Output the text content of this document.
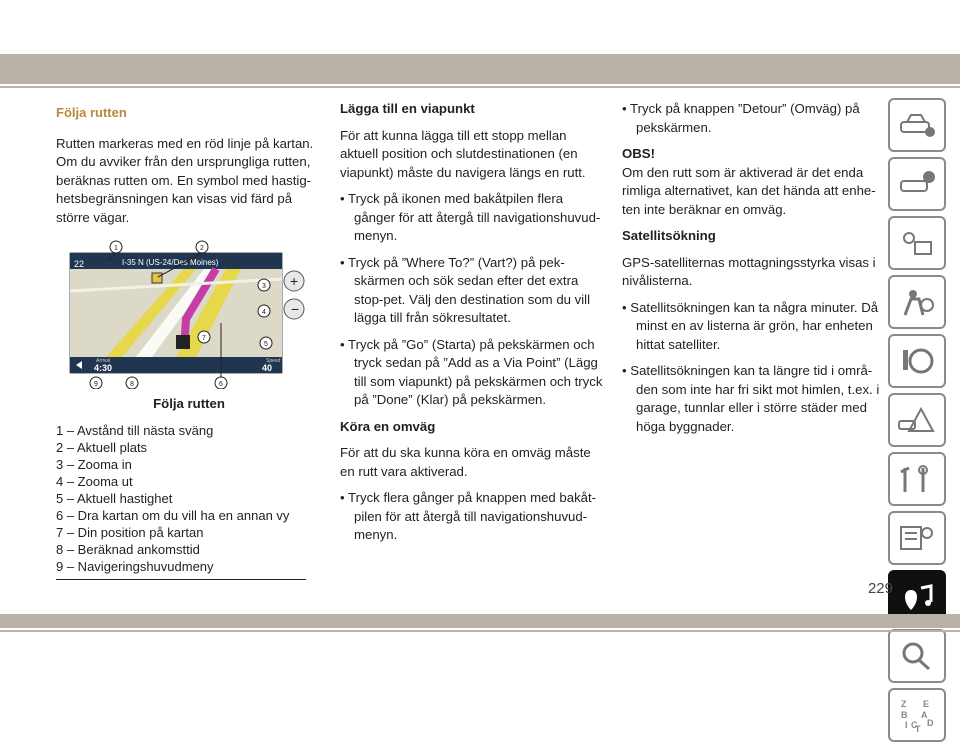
Följa rutten

Rutten markeras med en röd linje på kartan. Om du avviker från den ursprungliga rutten, beräknas rutten om. En symbol med hastig-hetsbegränsningen kan visas vid färd på större vägar.

+
−
22	I-35 N (US-24/Des Moines)
Arrival
4:30
Speed
40
1	2
3
4
5
6
7
8
9
Följa rutten
1 – Avstånd till nästa sväng
2 – Aktuell plats
3 – Zooma in
4 – Zooma ut
5 – Aktuell hastighet
6 – Dra kartan om du vill ha en annan vy
7 – Din position på kartan
8 – Beräknad ankomsttid
9 – Navigeringshuvudmeny
Lägga till en viapunkt

För att kunna lägga till ett stopp mellan aktuell position och slutdestinationen (en viapunkt) måste du navigera längs en rutt.

• Tryck på ikonen med bakåtpilen flera gånger för att återgå till navigationshuvud-menyn.

• Tryck på ”Where To?” (Vart?) på pek-skärmen och sök sedan efter det extra stop-pet. Välj den destination som du vill lägga till från sökresultatet.

• Tryck på ”Go” (Starta) på pekskärmen och tryck sedan på ”Add as a Via Point” (Lägg till som viapunkt) på pekskärmen och tryck på ”Done” (Klar) på pekskärmen.

Köra en omväg

För att du ska kunna köra en omväg måste en rutt vara aktiverad.

• Tryck flera gånger på knappen med bakåt-pilen för att återgå till navigationshuvud-menyn.

• Tryck på knappen ”Detour” (Omväg) på pekskärmen.

OBS!

Om den rutt som är aktiverad är det enda rimliga alternativet, kan det hända att enhe-ten inte beräknar en omväg.

Satellitsökning

GPS-satelliternas mottagningsstyrka visas i nivålisterna.

• Satellitsökningen kan ta några minuter. Då minst en av listerna är grön, har enheten hittat satelliter.

• Satellitsökningen kan ta längre tid i områ-den som inte har fri sikt mot himlen, t.ex. i garage, tunnlar eller i större städer med höga byggnader.

Z E
B A
I C D
T
229
